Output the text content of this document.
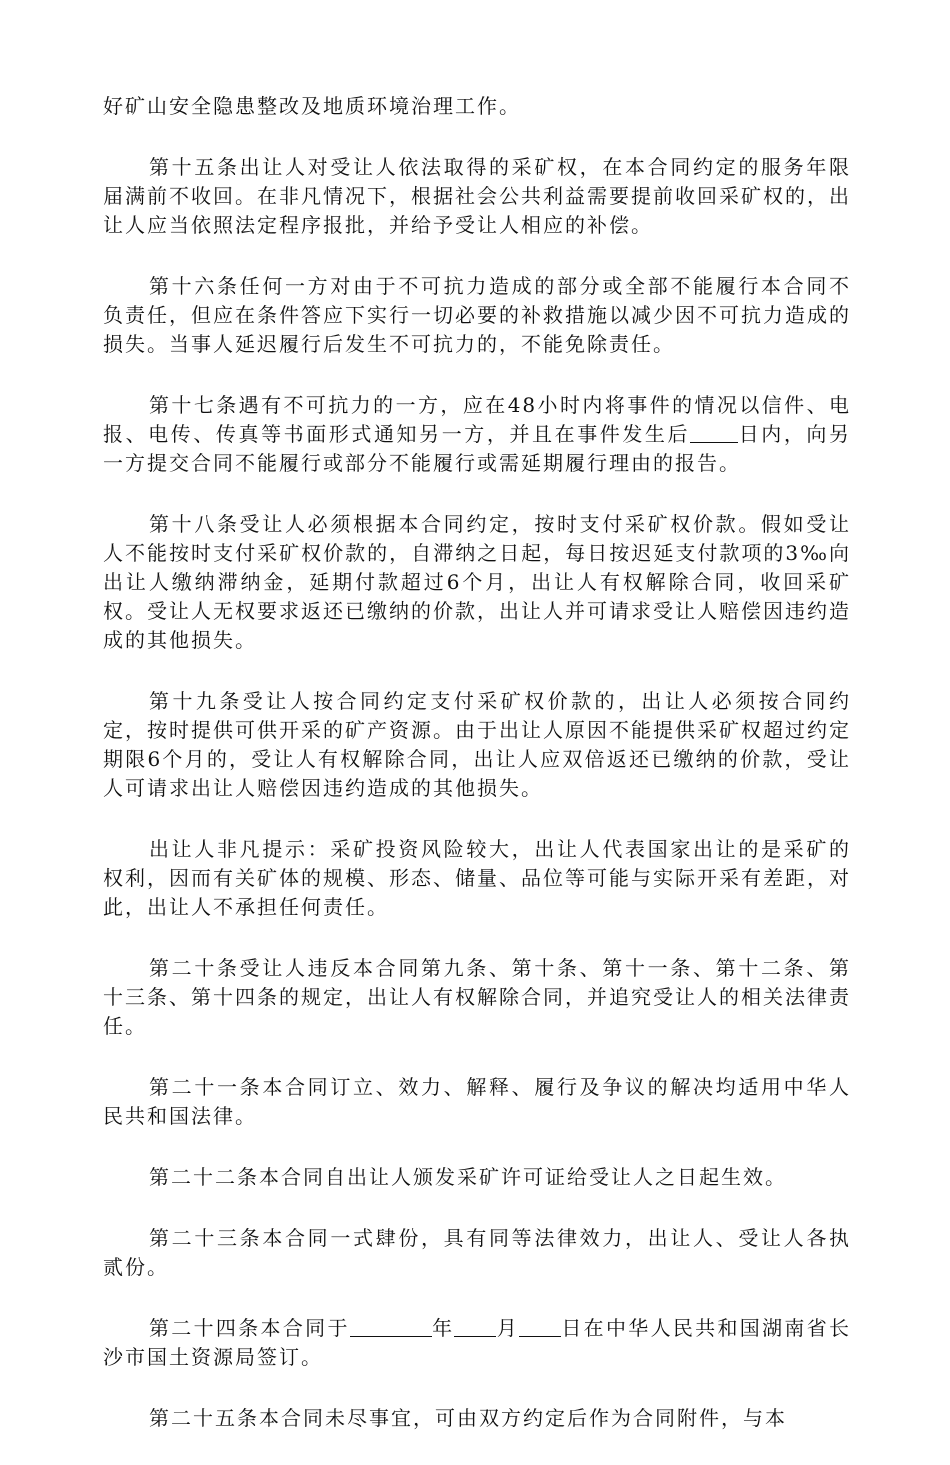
好矿山安全隐患整改及地质环境治理工作。

第十五条出让人对受让人依法取得的采矿权，在本合同约定的服务年限届满前不收回。在非凡情况下，根据社会公共利益需要提前收回采矿权的，出让人应当依照法定程序报批，并给予受让人相应的补偿。

第十六条任何一方对由于不可抗力造成的部分或全部不能履行本合同不负责任，但应在条件答应下实行一切必要的补救措施以减少因不可抗力造成的损失。当事人延迟履行后发生不可抗力的，不能免除责任。

第十七条遇有不可抗力的一方，应在48小时内将事件的情况以信件、电报、电传、传真等书面形式通知另一方，并且在事件发生后 日内，向另一方提交合同不能履行或部分不能履行或需延期履行理由的报告。

第十八条受让人必须根据本合同约定，按时支付采矿权价款。假如受让人不能按时支付采矿权价款的，自滞纳之日起，每日按迟延支付款项的3‰向出让人缴纳滞纳金，延期付款超过6个月，出让人有权解除合同，收回采矿权。受让人无权要求返还已缴纳的价款，出让人并可请求受让人赔偿因违约造成的其他损失。

第十九条受让人按合同约定支付采矿权价款的，出让人必须按合同约定，按时提供可供开采的矿产资源。由于出让人原因不能提供采矿权超过约定期限6个月的，受让人有权解除合同，出让人应双倍返还已缴纳的价款，受让人可请求出让人赔偿因违约造成的其他损失。

出让人非凡提示：采矿投资风险较大，出让人代表国家出让的是采矿的权利，因而有关矿体的规模、形态、储量、品位等可能与实际开采有差距，对此，出让人不承担任何责任。

第二十条受让人违反本合同第九条、第十条、第十一条、第十二条、第十三条、第十四条的规定，出让人有权解除合同，并追究受让人的相关法律责任。

第二十一条本合同订立、效力、解释、履行及争议的解决均适用中华人民共和国法律。

第二十二条本合同自出让人颁发采矿许可证给受让人之日起生效。

第二十三条本合同一式肆份，具有同等法律效力，出让人、受让人各执贰份。

第二十四条本合同于	年 月 日在中华人民共和国湖南省长沙市国土资源局签订。

第二十五条本合同未尽事宜，可由双方约定后作为合同附件，与本
